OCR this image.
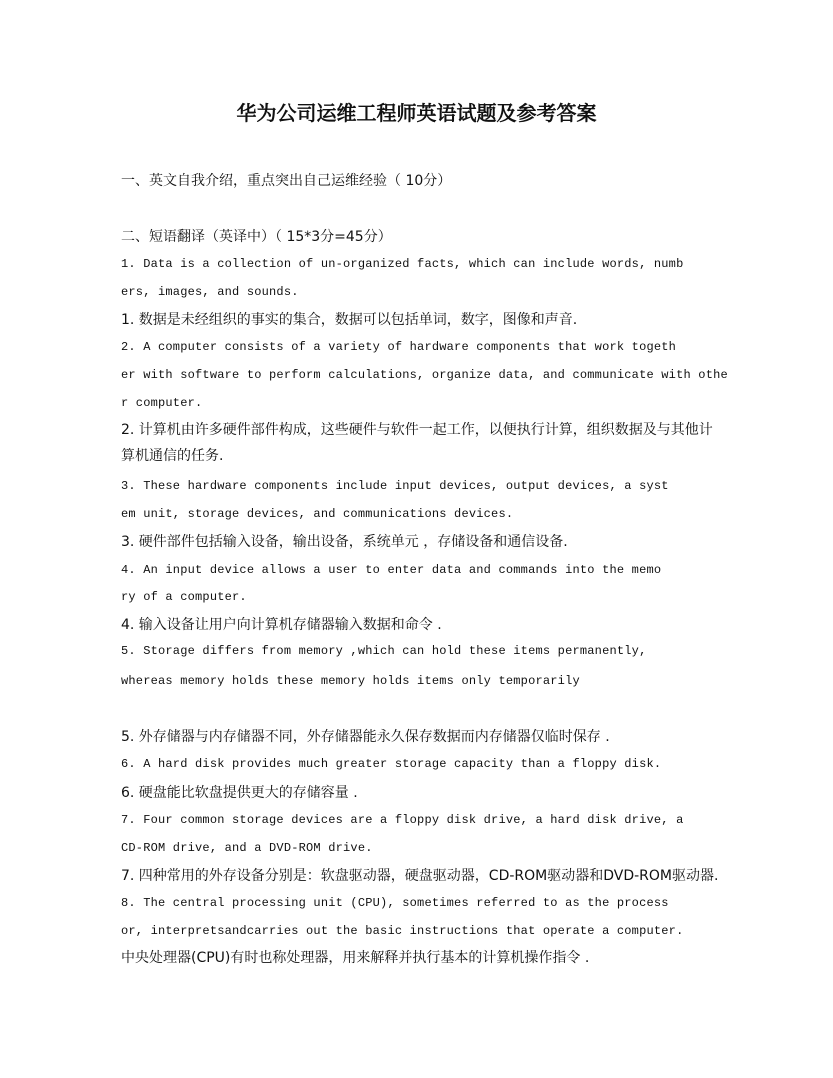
华为公司运维工程师英语试题及参考答案
一、英文自我介绍，重点突出自己运维经验（ 10分）
二、短语翻译（英译中）（ 15*3分=45分）
1. Data is a collection of un-organized facts, which can include words, numb
ers, images, and sounds.
1. 数据是未经组织的事实的集合，数据可以包括单词，数字，图像和声音.
2. A computer consists of a variety of hardware components that work togeth
er with software to perform calculations, organize data, and communicate with othe
r computer.
2. 计算机由许多硬件部件构成，这些硬件与软件一起工作，以便执行计算，组织数据及与其他计
算机通信的任务.
3. These hardware components include input devices, output devices, a syst
em unit, storage devices, and communications devices.
3. 硬件部件包括输入设备，输出设备，系统单元 ，存储设备和通信设备.
4. An input device allows a user to enter data and commands into the memo
ry of a computer.
4. 输入设备让用户向计算机存储器输入数据和命令 .
5. Storage differs from memory ,which can hold these items permanently,
whereas memory holds these memory holds items only temporarily
5. 外存储器与内存储器不同，外存储器能永久保存数据而内存储器仅临时保存 .
6. A hard disk provides much greater storage capacity than a floppy disk.
6. 硬盘能比软盘提供更大的存储容量 .
7. Four common storage devices are a floppy disk drive, a hard disk drive, a
CD-ROM drive, and a DVD-ROM drive.
7. 四种常用的外存设备分别是：软盘驱动器，硬盘驱动器，CD-ROM驱动器和DVD-ROM驱动器.
8. The central processing unit (CPU), sometimes referred to as the process
or, interpretsandcarries out the basic instructions that operate a computer.
中央处理器(CPU)有时也称处理器，用来解释并执行基本的计算机操作指令 .
